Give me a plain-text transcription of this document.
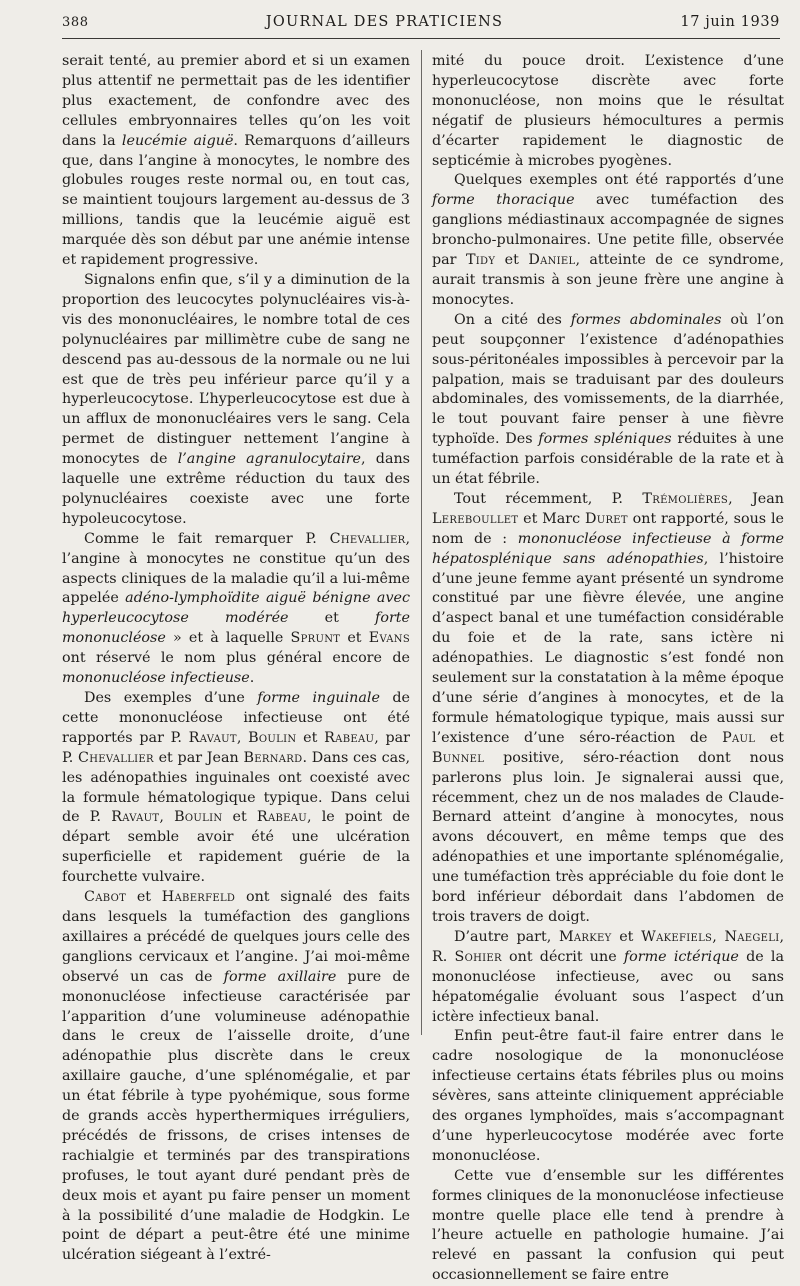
388	JOURNAL DES PRATICIENS	17 juin 1939

serait tenté, au premier abord et si un examen plus attentif ne permettait pas de les identifier plus exactement, de confondre avec des cellules embryonnaires telles qu’on les voit dans la leucémie aiguë. Remarquons d’ailleurs que, dans l’angine à monocytes, le nombre des globules rouges reste normal ou, en tout cas, se maintient toujours largement au-dessus de 3 millions, tandis que la leucémie aiguë est marquée dès son début par une anémie intense et rapidement progressive.

Signalons enfin que, s’il y a diminution de la proportion des leucocytes polynucléaires vis-à-vis des mononucléaires, le nombre total de ces polynucléaires par millimètre cube de sang ne descend pas au-dessous de la normale ou ne lui est que de très peu inférieur parce qu’il y a hyperleucocytose. L’hyperleucocytose est due à un afflux de mononucléaires vers le sang. Cela permet de distinguer nettement l’angine à monocytes de l’angine agranulocytaire, dans laquelle une extrême réduction du taux des polynucléaires coexiste avec une forte hypoleucocytose.

Comme le fait remarquer P. Chevallier, l’angine à monocytes ne constitue qu’un des aspects cliniques de la maladie qu’il a lui-même appelée adéno-lymphoïdite aiguë bénigne avec hyperleucocytose modérée et forte mononucléose » et à laquelle Sprunt et Evans ont réservé le nom plus général encore de mononucléose infectieuse.

Des exemples d’une forme inguinale de cette mononucléose infectieuse ont été rapportés par P. Ravaut, Boulin et Rabeau, par P. Chevallier et par Jean Bernard. Dans ces cas, les adénopathies inguinales ont coexisté avec la formule hématologique typique. Dans celui de P. Ravaut, Boulin et Rabeau, le point de départ semble avoir été une ulcération superficielle et rapidement guérie de la fourchette vulvaire.

Cabot et Haberfeld ont signalé des faits dans lesquels la tuméfaction des ganglions axillaires a précédé de quelques jours celle des ganglions cervicaux et l’angine. J’ai moi-même observé un cas de forme axillaire pure de mononucléose infectieuse caractérisée par l’apparition d’une volumineuse adénopathie dans le creux de l’aisselle droite, d’une adénopathie plus discrète dans le creux axillaire gauche, d’une splénomégalie, et par un état fébrile à type pyohémique, sous forme de grands accès hyperthermiques irréguliers, précédés de frissons, de crises intenses de rachialgie et terminés par des transpirations profuses, le tout ayant duré pendant près de deux mois et ayant pu faire penser un moment à la possibilité d’une maladie de Hodgkin. Le point de départ a peut-être été une minime ulcération siégeant à l’extré-

mité du pouce droit. L’existence d’une hyperleucocytose discrète avec forte mononucléose, non moins que le résultat négatif de plusieurs hémocultures a permis d’écarter rapidement le diagnostic de septicémie à microbes pyogènes.

Quelques exemples ont été rapportés d’une forme thoracique avec tuméfaction des ganglions médiastinaux accompagnée de signes broncho-pulmonaires. Une petite fille, observée par Tidy et Daniel, atteinte de ce syndrome, aurait transmis à son jeune frère une angine à monocytes.

On a cité des formes abdominales où l’on peut soupçonner l’existence d’adénopathies sous-péritonéales impossibles à percevoir par la palpation, mais se traduisant par des douleurs abdominales, des vomissements, de la diarrhée, le tout pouvant faire penser à une fièvre typhoïde. Des formes spléniques réduites à une tuméfaction parfois considérable de la rate et à un état fébrile.

Tout récemment, P. Trémolières, Jean Lereboullet et Marc Duret ont rapporté, sous le nom de : mononucléose infectieuse à forme hépatosplénique sans adénopathies, l’histoire d’une jeune femme ayant présenté un syndrome constitué par une fièvre élevée, une angine d’aspect banal et une tuméfaction considérable du foie et de la rate, sans ictère ni adénopathies. Le diagnostic s’est fondé non seulement sur la constatation à la même époque d’une série d’angines à monocytes, et de la formule hématologique typique, mais aussi sur l’existence d’une séro-réaction de Paul et Bunnel positive, séro-réaction dont nous parlerons plus loin. Je signalerai aussi que, récemment, chez un de nos malades de Claude-Bernard atteint d’angine à monocytes, nous avons découvert, en même temps que des adénopathies et une importante splénomégalie, une tuméfaction très appréciable du foie dont le bord inférieur débordait dans l’abdomen de trois travers de doigt.

D’autre part, Markey et Wakefiels, Naegeli, R. Sohier ont décrit une forme ictérique de la mononucléose infectieuse, avec ou sans hépatomégalie évoluant sous l’aspect d’un ictère infectieux banal.

Enfin peut-être faut-il faire entrer dans le cadre nosologique de la mononucléose infectieuse certains états fébriles plus ou moins sévères, sans atteinte cliniquement appréciable des organes lymphoïdes, mais s’accompagnant d’une hyperleucocytose modérée avec forte mononucléose.

Cette vue d’ensemble sur les différentes formes cliniques de la mononucléose infectieuse montre quelle place elle tend à prendre à l’heure actuelle en pathologie humaine. J’ai relevé en passant la confusion qui peut occasionnellement se faire entre
